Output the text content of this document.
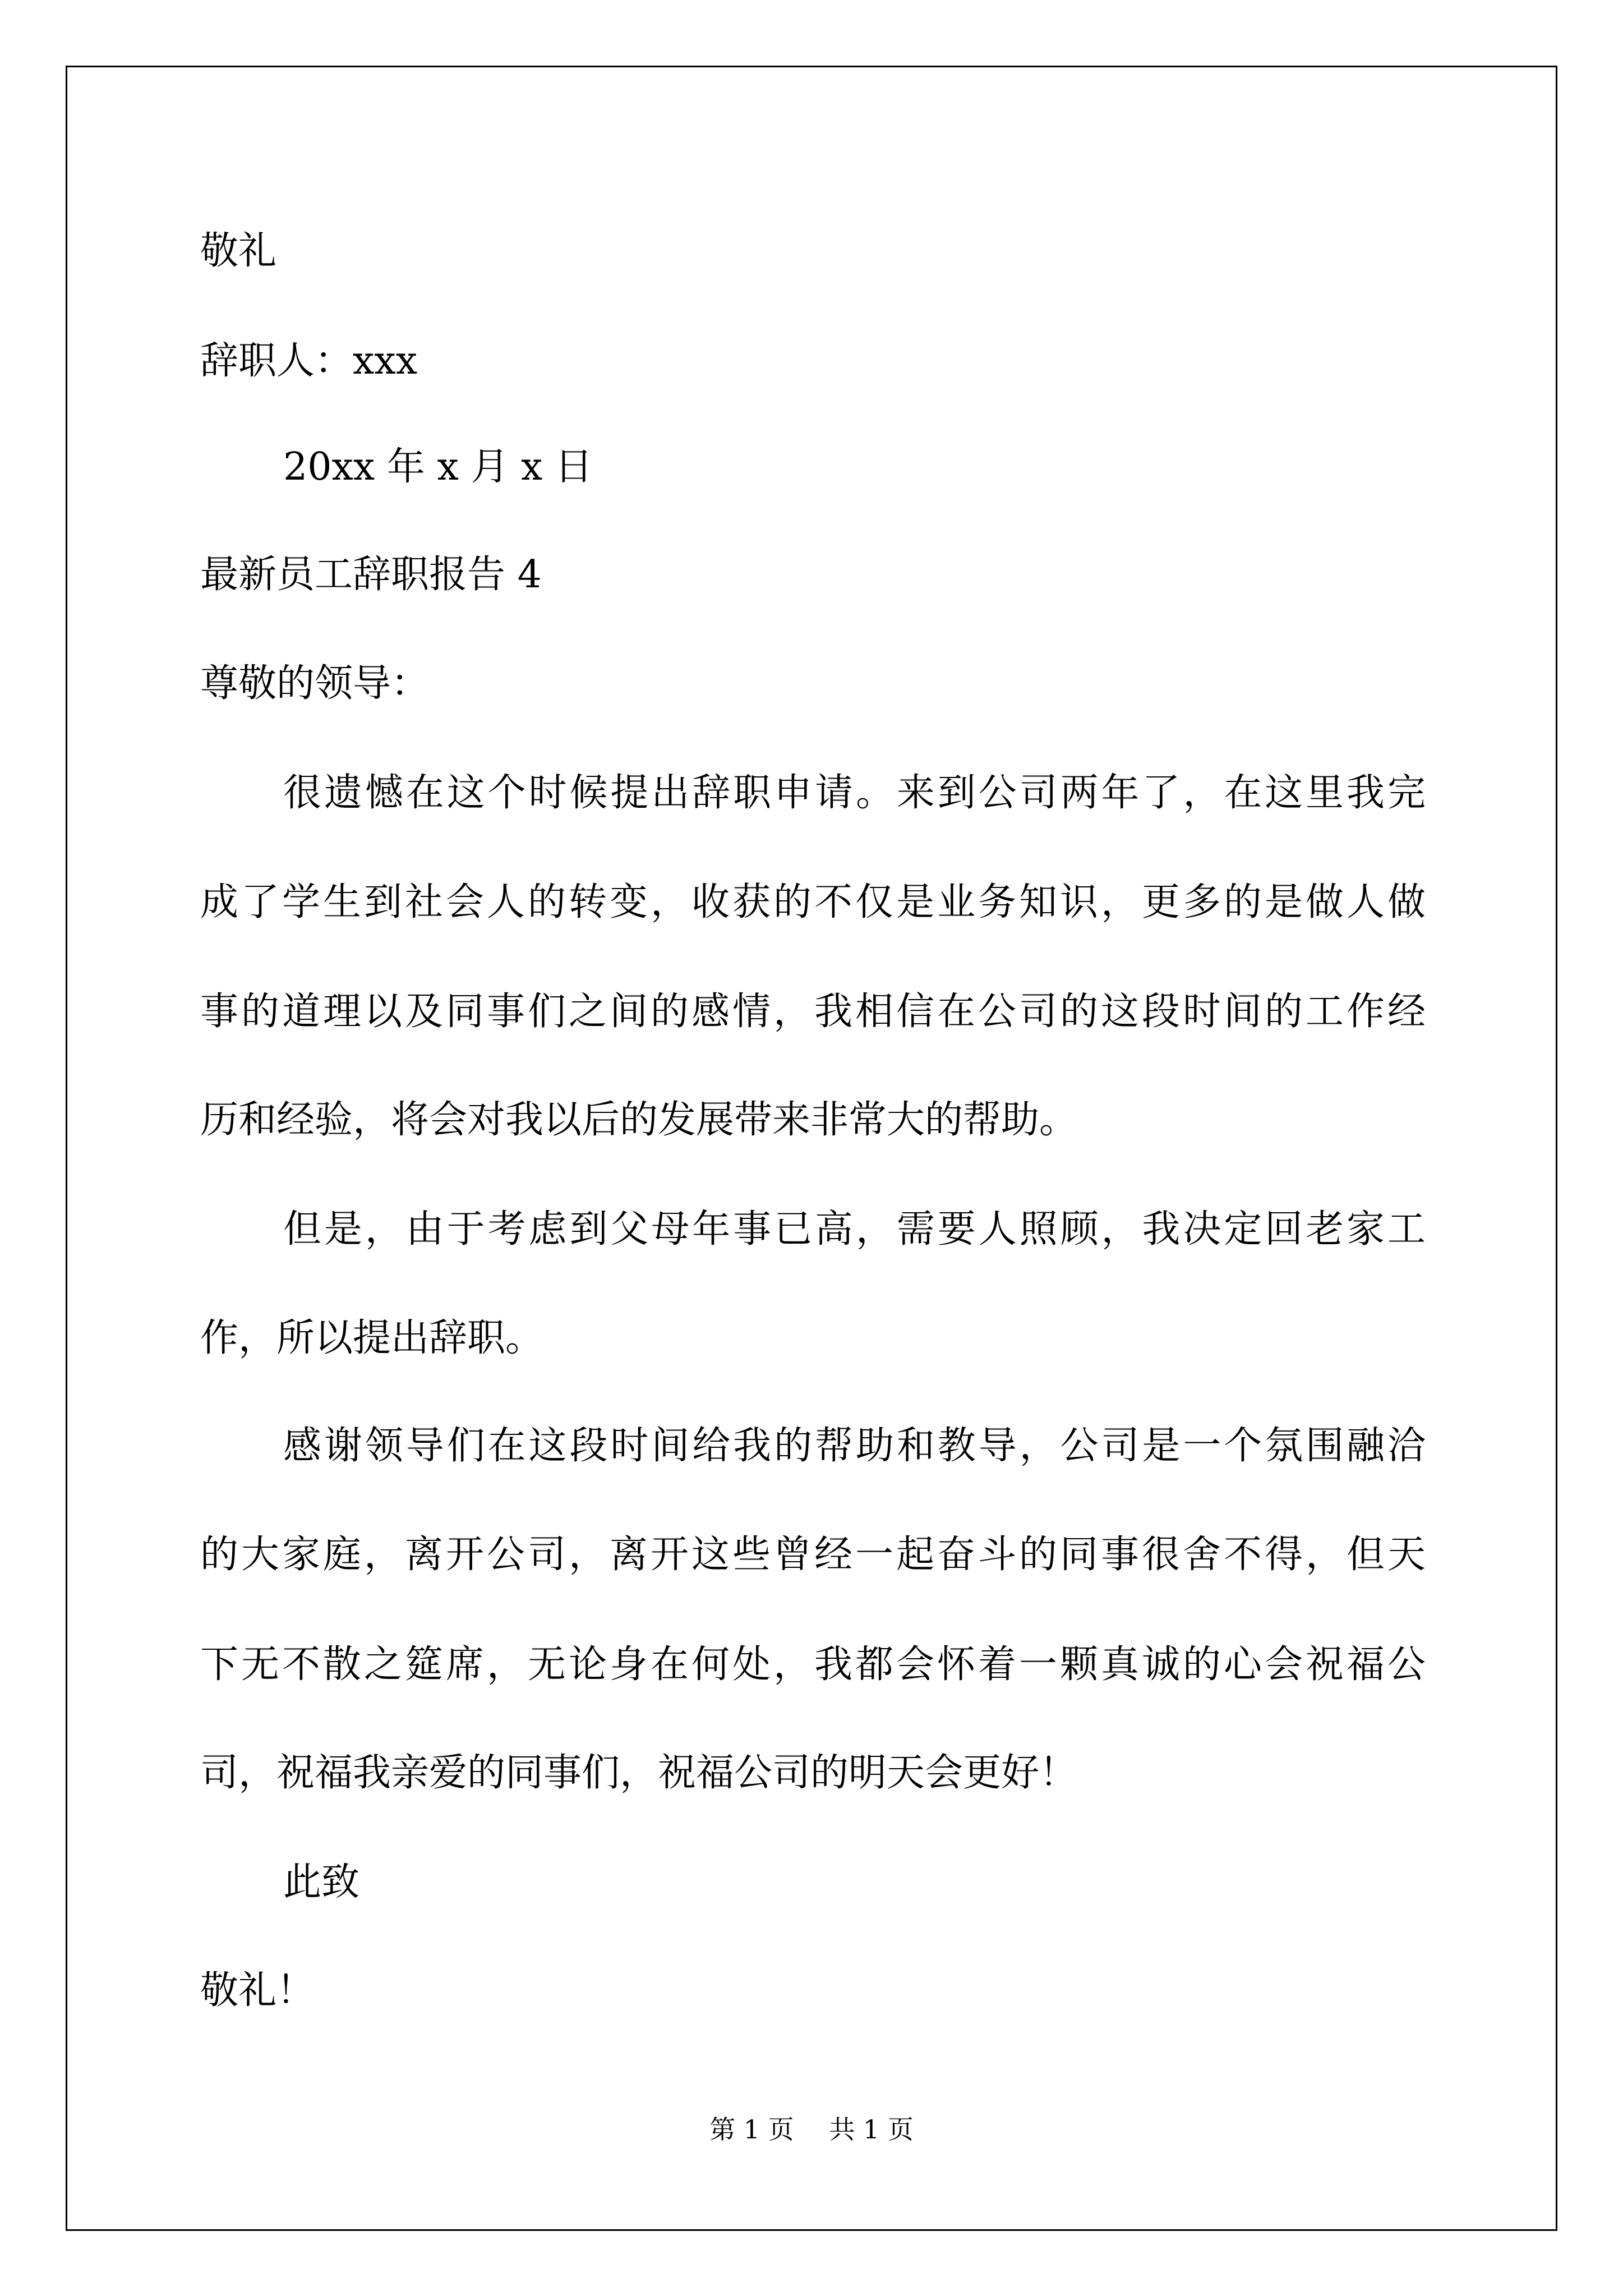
敬礼
辞职人：xxx
20xx 年 x 月 x 日
最新员工辞职报告 4
尊敬的领导：
很遗憾在这个时候提出辞职申请。来到公司两年了，在这里我完
成了学生到社会人的转变，收获的不仅是业务知识，更多的是做人做
事的道理以及同事们之间的感情，我相信在公司的这段时间的工作经
历和经验，将会对我以后的发展带来非常大的帮助。
但是，由于考虑到父母年事已高，需要人照顾，我决定回老家工
作，所以提出辞职。
感谢领导们在这段时间给我的帮助和教导，公司是一个氛围融洽
的大家庭，离开公司，离开这些曾经一起奋斗的同事很舍不得，但天
下无不散之筵席，无论身在何处，我都会怀着一颗真诚的心会祝福公
司，祝福我亲爱的同事们，祝福公司的明天会更好！
此致
敬礼！
第 1 页 共 1 页
